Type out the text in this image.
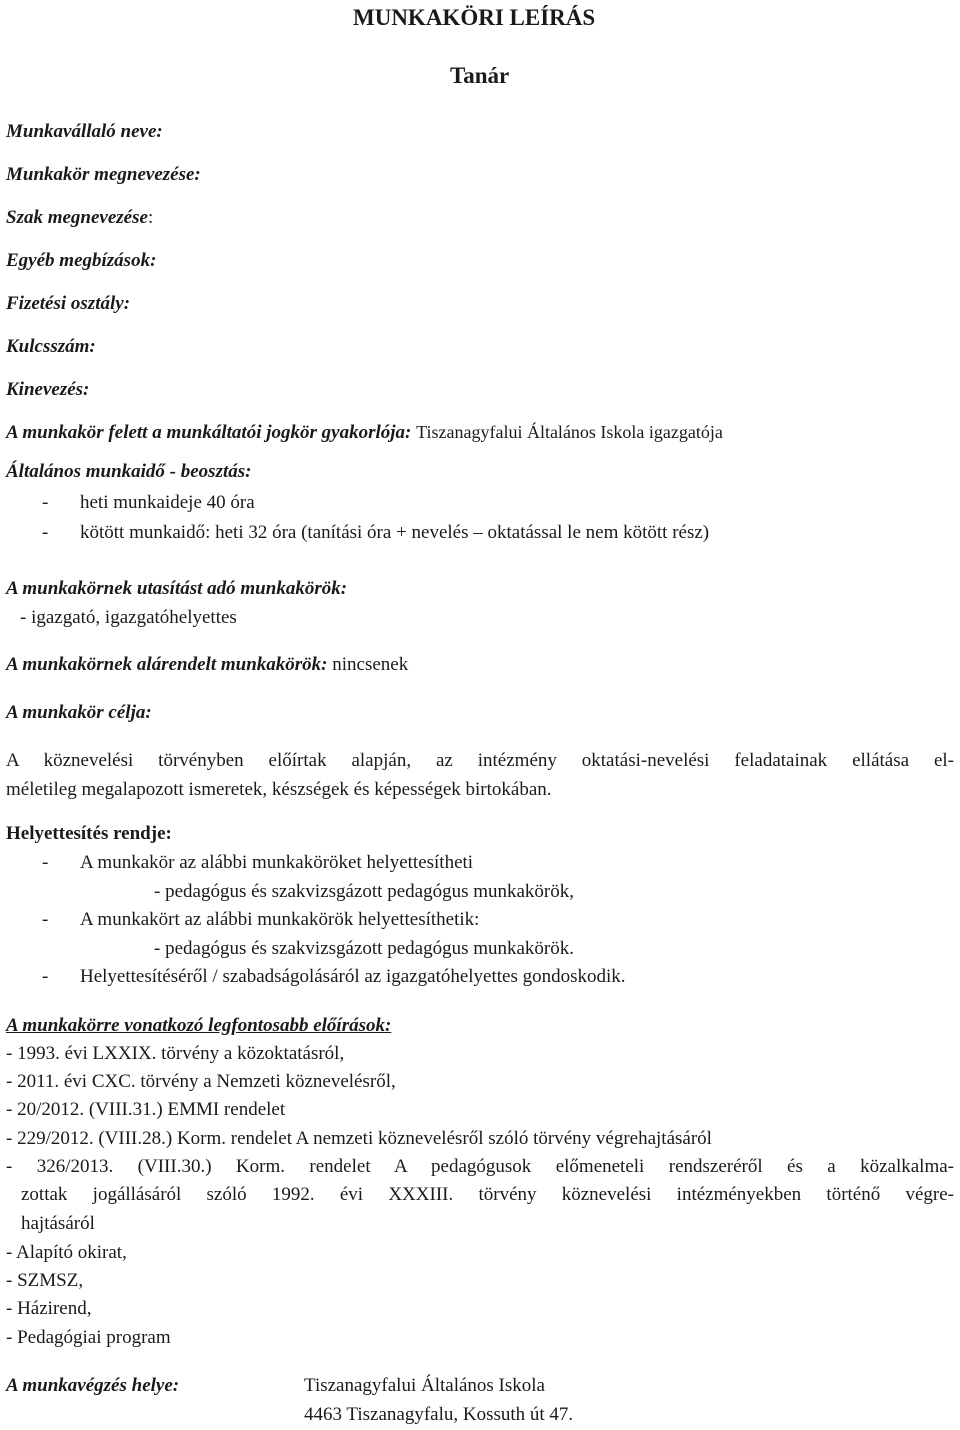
MUNKAKÖRI LEÍRÁS
Tanár
Munkavállaló neve:
Munkakör megnevezése:
Szak megnevezése:
Egyéb megbízások:
Fizetési osztály:
Kulcsszám:
Kinevezés:
A munkakör felett a munkáltatói jogkör gyakorlója: Tiszanagyfalui Általános Iskola igazgatója
Általános munkaidő - beosztás:
- heti munkaideje 40 óra
- kötött munkaidő: heti 32 óra (tanítási óra + nevelés – oktatással le nem kötött rész)
A munkakörnek utasítást adó munkakörök:
- igazgató, igazgatóhelyettes
A munkakörnek alárendelt munkakörök: nincsenek
A munkakör célja:
A köznevelési törvényben előírtak alapján, az intézmény oktatási-nevelési feladatainak ellátása el-
méletileg megalapozott ismeretek, készségek és képességek birtokában.
Helyettesítés rendje:
- A munkakör az alábbi munkaköröket helyettesítheti
- pedagógus és szakvizsgázott pedagógus munkakörök,
- A munkakört az alábbi munkakörök helyettesíthetik:
- pedagógus és szakvizsgázott pedagógus munkakörök.
- Helyettesítéséről / szabadságolásáról az igazgatóhelyettes gondoskodik.
A munkakörre vonatkozó legfontosabb előírások:
- 1993. évi LXXIX. törvény a közoktatásról,
- 2011. évi CXC. törvény a Nemzeti köznevelésről,
- 20/2012. (VIII.31.) EMMI rendelet
- 229/2012. (VIII.28.) Korm. rendelet A nemzeti köznevelésről szóló törvény végrehajtásáról
- 326/2013. (VIII.30.) Korm. rendelet A pedagógusok előmeneteli rendszeréről és a közalkalma-
zottak jogállásáról szóló 1992. évi XXXIII. törvény köznevelési intézményekben történő végre-
hajtásáról
- Alapító okirat,
- SZMSZ,
- Házirend,
- Pedagógiai program
A munkavégzés helye:	Tiszanagyfalui Általános Iskola
4463 Tiszanagyfalu, Kossuth út 47.
